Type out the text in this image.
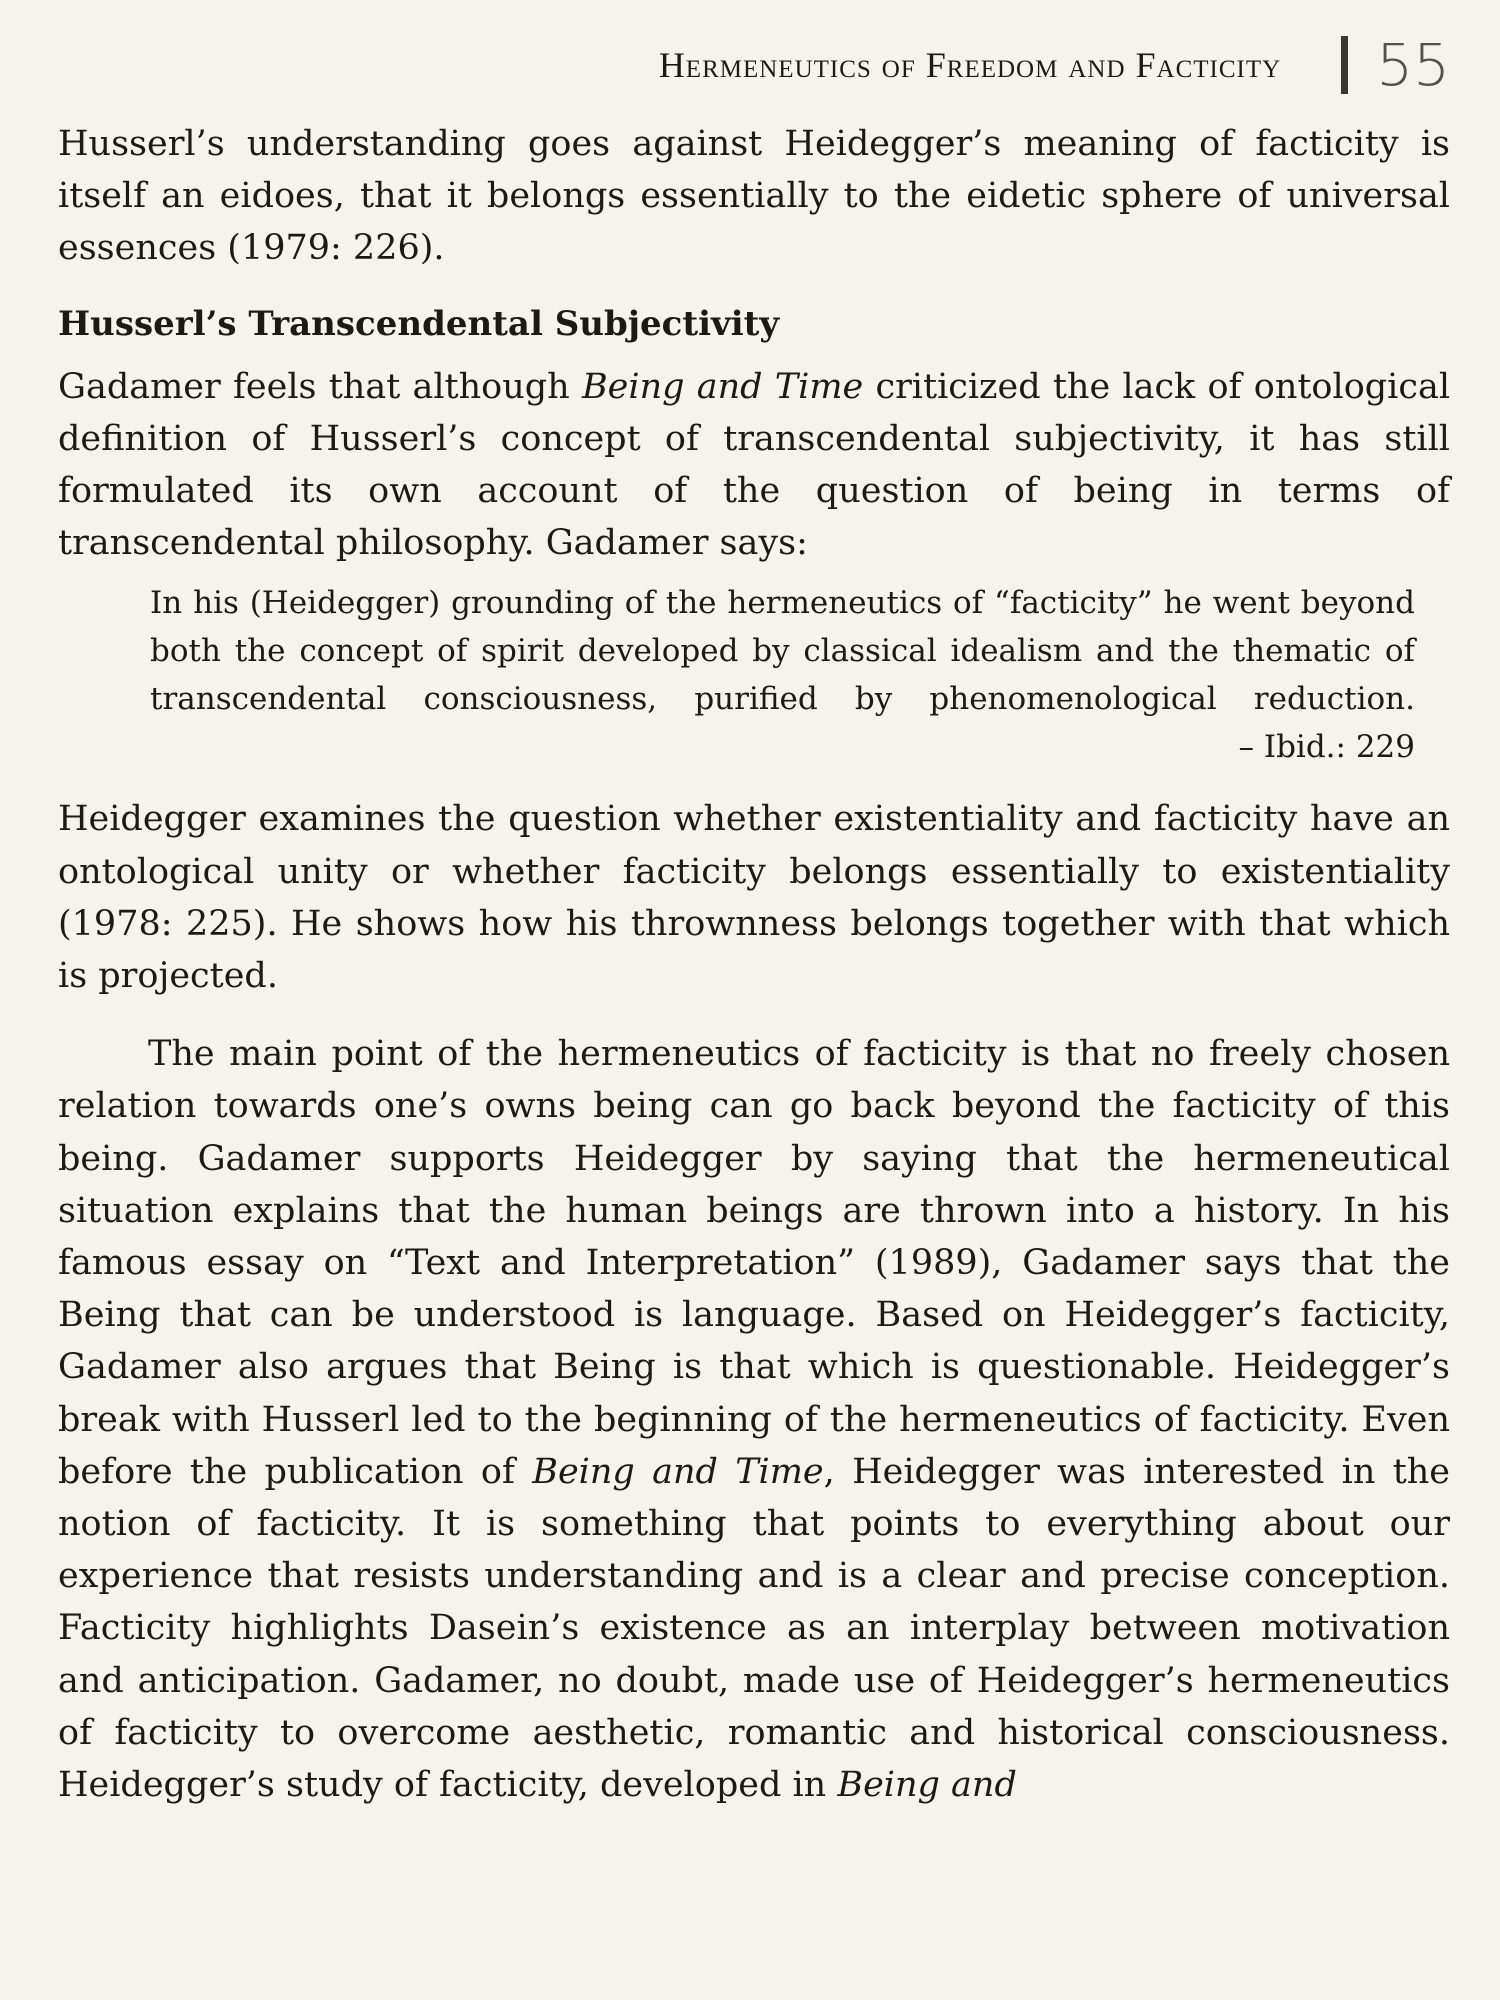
Hermeneutics of Freedom and Facticity 55

Husserl’s understanding goes against Heidegger’s meaning of facticity is itself an eidoes, that it belongs essentially to the eidetic sphere of universal essences (1979: 226).

Husserl’s Transcendental Subjectivity

Gadamer feels that although Being and Time criticized the lack of ontological definition of Husserl’s concept of transcendental subjectivity, it has still formulated its own account of the question of being in terms of transcendental philosophy. Gadamer says:

In his (Heidegger) grounding of the hermeneutics of “facticity” he went beyond both the concept of spirit developed by classical idealism and the thematic of transcendental consciousness, purified by phenomenological reduction.

– Ibid.: 229

Heidegger examines the question whether existentiality and facticity have an ontological unity or whether facticity belongs essentially to existentiality (1978: 225). He shows how his thrownness belongs together with that which is projected.

The main point of the hermeneutics of facticity is that no freely chosen relation towards one’s owns being can go back beyond the facticity of this being. Gadamer supports Heidegger by saying that the hermeneutical situation explains that the human beings are thrown into a history. In his famous essay on “Text and Interpretation” (1989), Gadamer says that the Being that can be understood is language. Based on Heidegger’s facticity, Gadamer also argues that Being is that which is questionable. Heidegger’s break with Husserl led to the beginning of the hermeneutics of facticity. Even before the publication of Being and Time, Heidegger was interested in the notion of facticity. It is something that points to everything about our experience that resists understanding and is a clear and precise conception. Facticity highlights Dasein’s existence as an interplay between motivation and anticipation. Gadamer, no doubt, made use of Heidegger’s hermeneutics of facticity to overcome aesthetic, romantic and historical consciousness. Heidegger’s study of facticity, developed in Being and
